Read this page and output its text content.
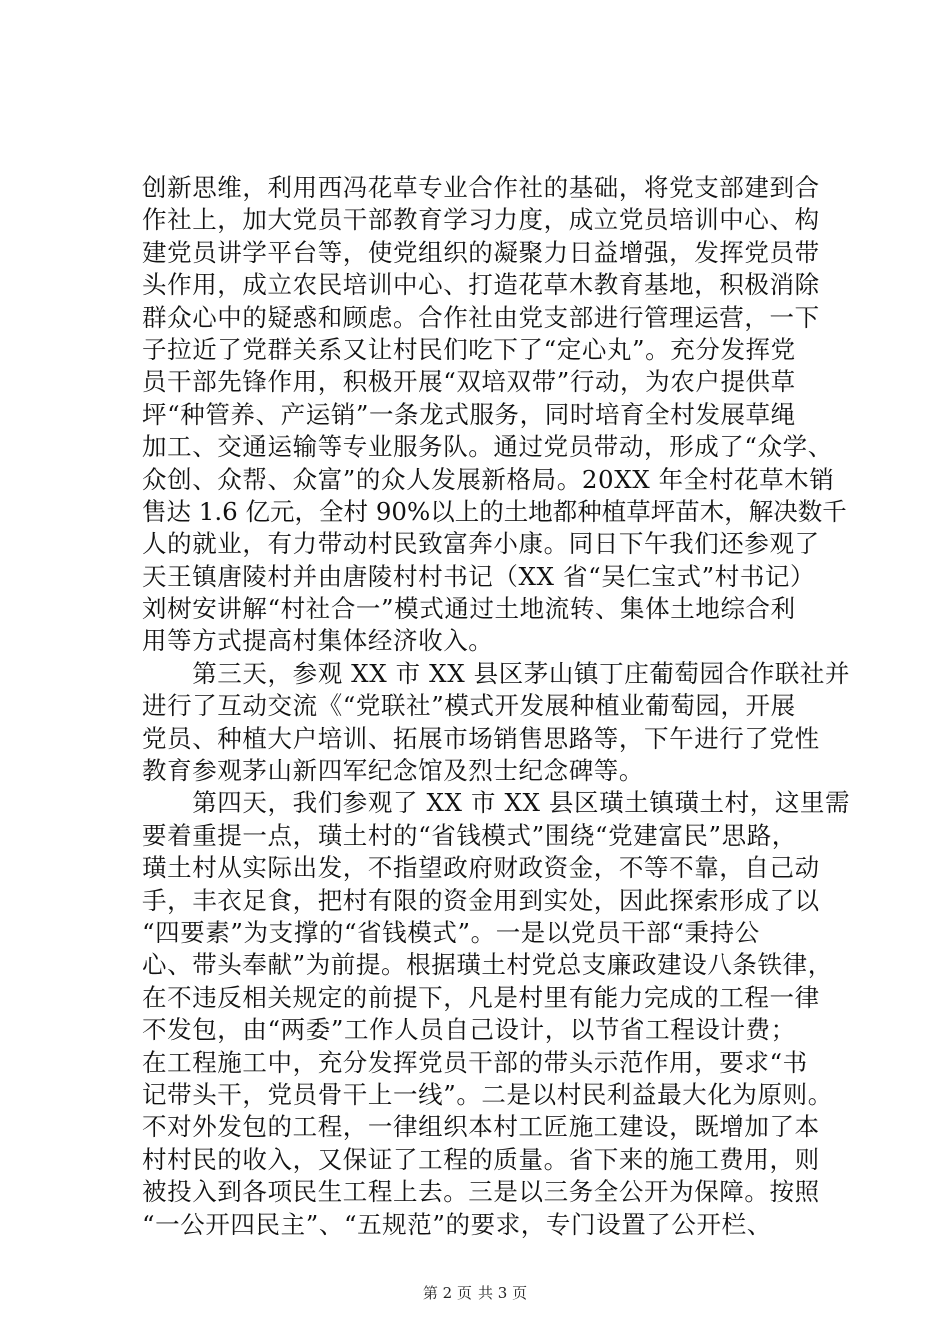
创新思维，利用西冯花草专业合作社的基础，将党支部建到合
作社上，加大党员干部教育学习力度，成立党员培训中心、构
建党员讲学平台等，使党组织的凝聚力日益增强，发挥党员带
头作用，成立农民培训中心、打造花草木教育基地，积极消除
群众心中的疑惑和顾虑。合作社由党支部进行管理运营，一下
子拉近了党群关系又让村民们吃下了“定心丸”。充分发挥党
员干部先锋作用，积极开展“双培双带”行动，为农户提供草
坪“种管养、产运销”一条龙式服务，同时培育全村发展草绳
加工、交通运输等专业服务队。通过党员带动，形成了“众学、
众创、众帮、众富”的众人发展新格局。20XX 年全村花草木销
售达 1.6 亿元，全村 90%以上的土地都种植草坪苗木，解决数千
人的就业，有力带动村民致富奔小康。同日下午我们还参观了
天王镇唐陵村并由唐陵村村书记（XX 省“吴仁宝式”村书记）
刘树安讲解“村社合一”模式通过土地流转、集体土地综合利
用等方式提高村集体经济收入。
　　第三天，参观 XX 市 XX 县区茅山镇丁庄葡萄园合作联社并
进行了互动交流《“党联社”模式开发展种植业葡萄园，开展
党员、种植大户培训、拓展市场销售思路等，下午进行了党性
教育参观茅山新四军纪念馆及烈士纪念碑等。
　　第四天，我们参观了 XX 市 XX 县区璜土镇璜土村，这里需
要着重提一点，璜土村的“省钱模式”围绕“党建富民”思路，
璜土村从实际出发，不指望政府财政资金，不等不靠，自己动
手，丰衣足食，把村有限的资金用到实处，因此探索形成了以
“四要素”为支撑的“省钱模式”。一是以党员干部“秉持公
心、带头奉献”为前提。根据璜土村党总支廉政建设八条铁律，
在不违反相关规定的前提下，凡是村里有能力完成的工程一律
不发包，由“两委”工作人员自己设计，以节省工程设计费；
在工程施工中，充分发挥党员干部的带头示范作用，要求“书
记带头干，党员骨干上一线”。二是以村民利益最大化为原则。
不对外发包的工程，一律组织本村工匠施工建设，既增加了本
村村民的收入，又保证了工程的质量。省下来的施工费用，则
被投入到各项民生工程上去。三是以三务全公开为保障。按照
“一公开四民主”、“五规范”的要求，专门设置了公开栏、
第 2 页 共 3 页
